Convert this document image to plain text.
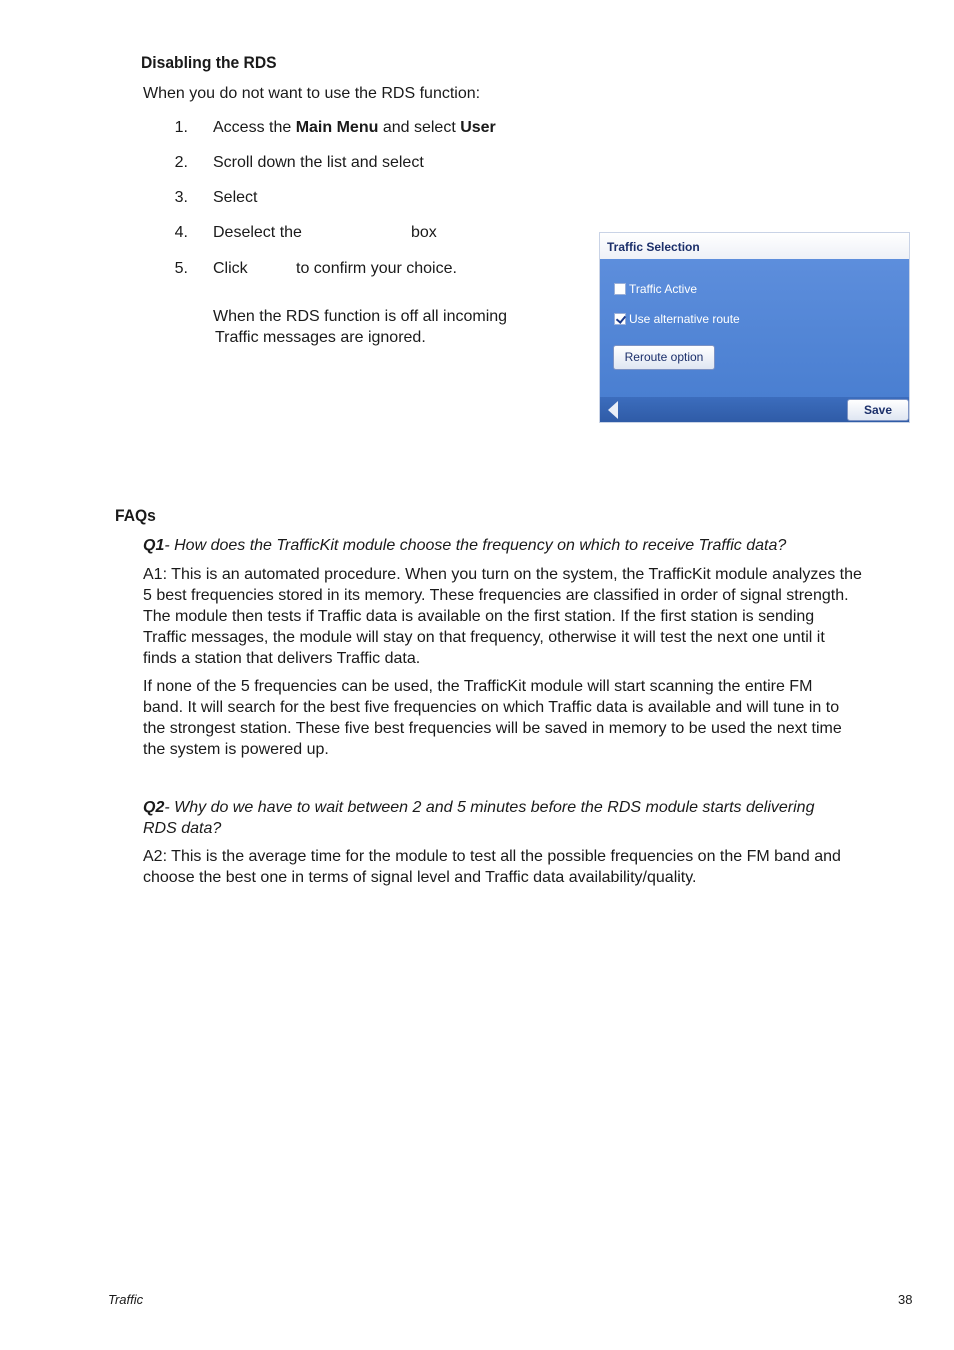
Disabling the RDS
When you do not want to use the RDS function:
1. Access the Main Menu and select User
2. Scroll down the list and select
3. Select
4. Deselect the	box
5. Click	to confirm your choice.
When the RDS function is off all incoming
Traffic messages are ignored.
Traffic Selection
Traffic Active
Use alternative route
Reroute option
Save
FAQs
Q1- How does the TrafficKit module choose the frequency on which to receive Traffic data?
A1: This is an automated procedure. When you turn on the system, the TrafficKit module analyzes the
5 best frequencies stored in its memory. These frequencies are classified in order of signal strength.
The module then tests if Traffic data is available on the first station. If the first station is sending
Traffic messages, the module will stay on that frequency, otherwise it will test the next one until it
finds a station that delivers Traffic data.
If none of the 5 frequencies can be used, the TrafficKit module will start scanning the entire FM
band. It will search for the best five frequencies on which Traffic data is available and will tune in to
the strongest station. These five best frequencies will be saved in memory to be used the next time
the system is powered up.
Q2- Why do we have to wait between 2 and 5 minutes before the RDS module starts delivering
RDS data?
A2: This is the average time for the module to test all the possible frequencies on the FM band and
choose the best one in terms of signal level and Traffic data availability/quality.
Traffic	38
